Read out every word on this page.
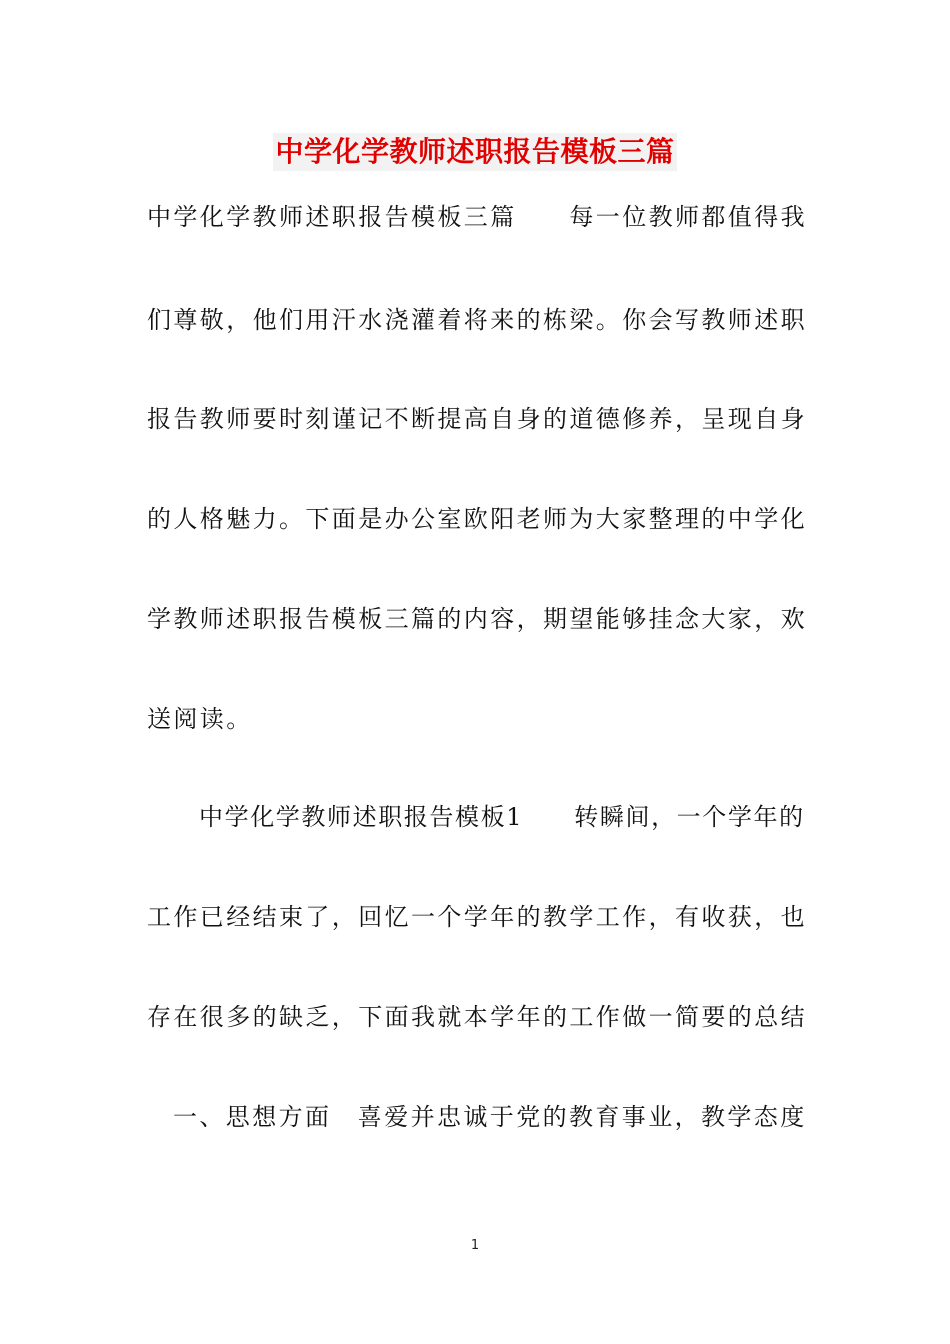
中学化学教师述职报告模板三篇

中学化学教师述职报告模板三篇　　每一位教师都值得我

们尊敬，他们用汗水浇灌着将来的栋梁。你会写教师述职

报告教师要时刻谨记不断提高自身的道德修养，呈现自身

的人格魅力。下面是办公室欧阳老师为大家整理的中学化

学教师述职报告模板三篇的内容，期望能够挂念大家，欢

送阅读。

中学化学教师述职报告模板1　　转瞬间，一个学年的

工作已经结束了，回忆一个学年的教学工作，有收获，也

存在很多的缺乏，下面我就本学年的工作做一简要的总结

一、思想方面　喜爱并忠诚于党的教育事业，教学态度

1
